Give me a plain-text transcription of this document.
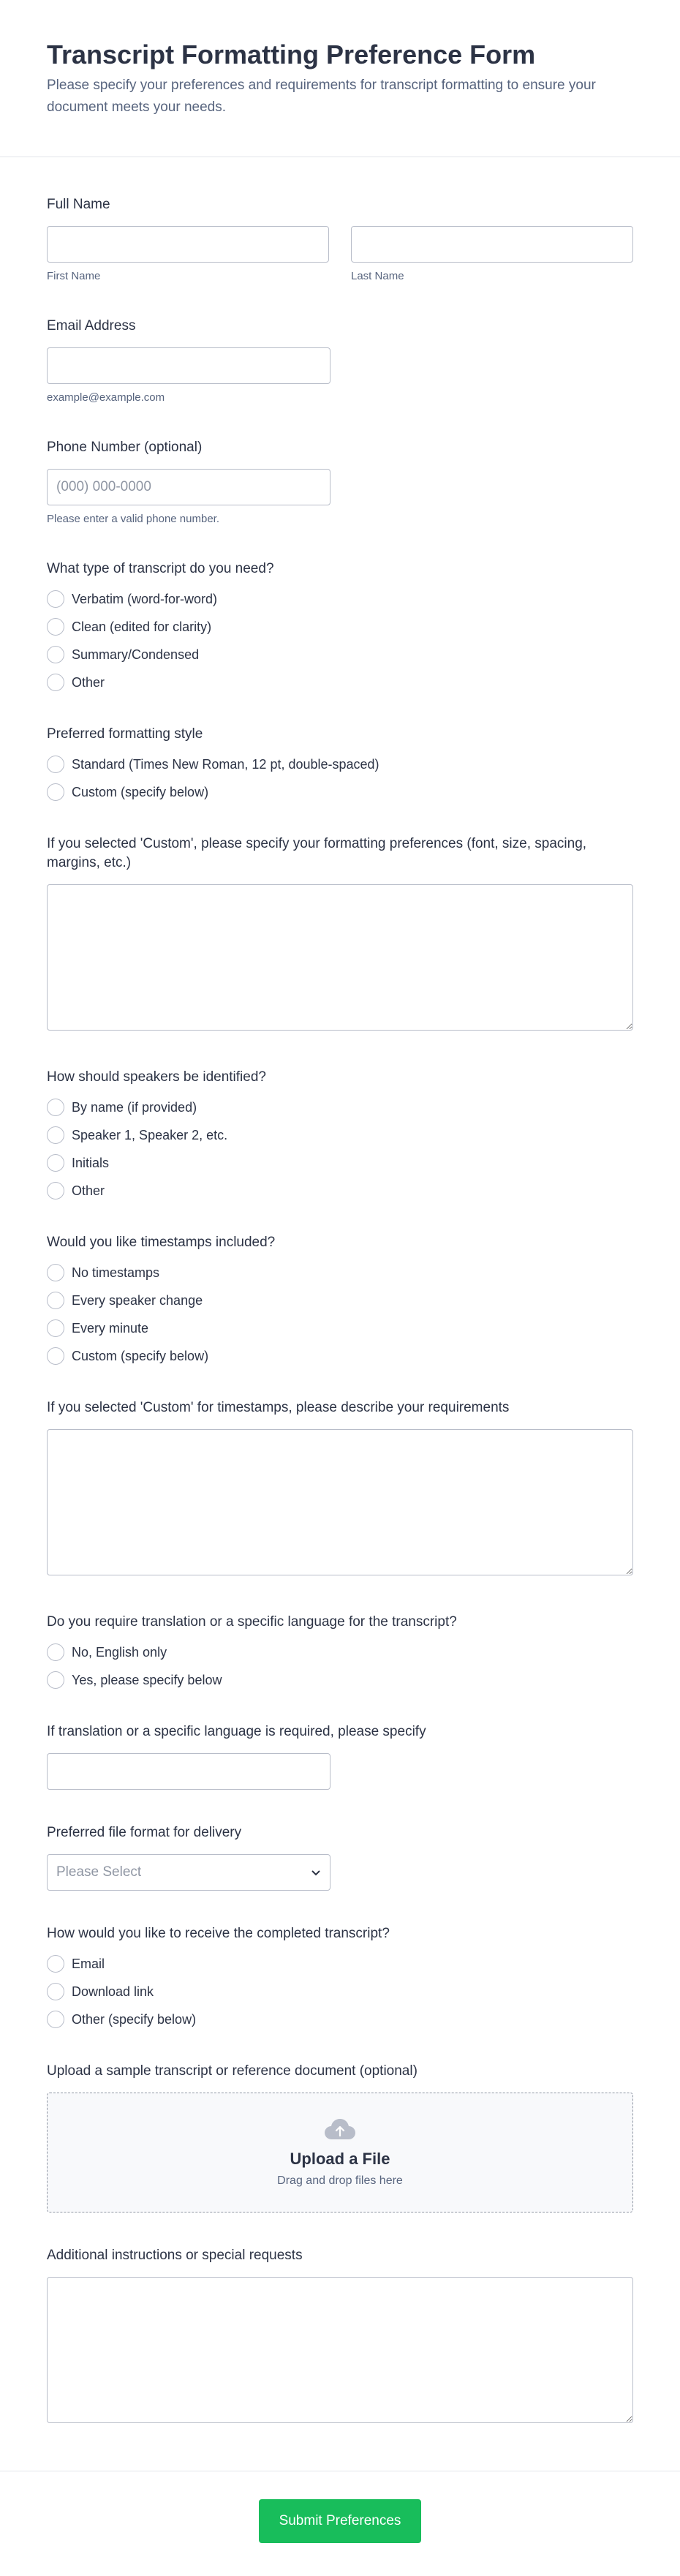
Transcript Formatting Preference Form

Please specify your preferences and requirements for transcript formatting to ensure your document meets your needs.

Full Name
First Name	Last Name
Email Address
example@example.com
Phone Number (optional)
(000) 000-0000
Please enter a valid phone number.
What type of transcript do you need?
Verbatim (word-for-word)
Clean (edited for clarity)
Summary/Condensed
Other
Preferred formatting style
Standard (Times New Roman, 12 pt, double-spaced)
Custom (specify below)
If you selected 'Custom', please specify your formatting preferences (font, size, spacing, margins, etc.)
How should speakers be identified?
By name (if provided)
Speaker 1, Speaker 2, etc.
Initials
Other
Would you like timestamps included?
No timestamps
Every speaker change
Every minute
Custom (specify below)
If you selected 'Custom' for timestamps, please describe your requirements
Do you require translation or a specific language for the transcript?
No, English only
Yes, please specify below
If translation or a specific language is required, please specify
Preferred file format for delivery
Please Select
How would you like to receive the completed transcript?
Email
Download link
Other (specify below)
Upload a sample transcript or reference document (optional)
Upload a File
Drag and drop files here
Additional instructions or special requests
Submit Preferences
